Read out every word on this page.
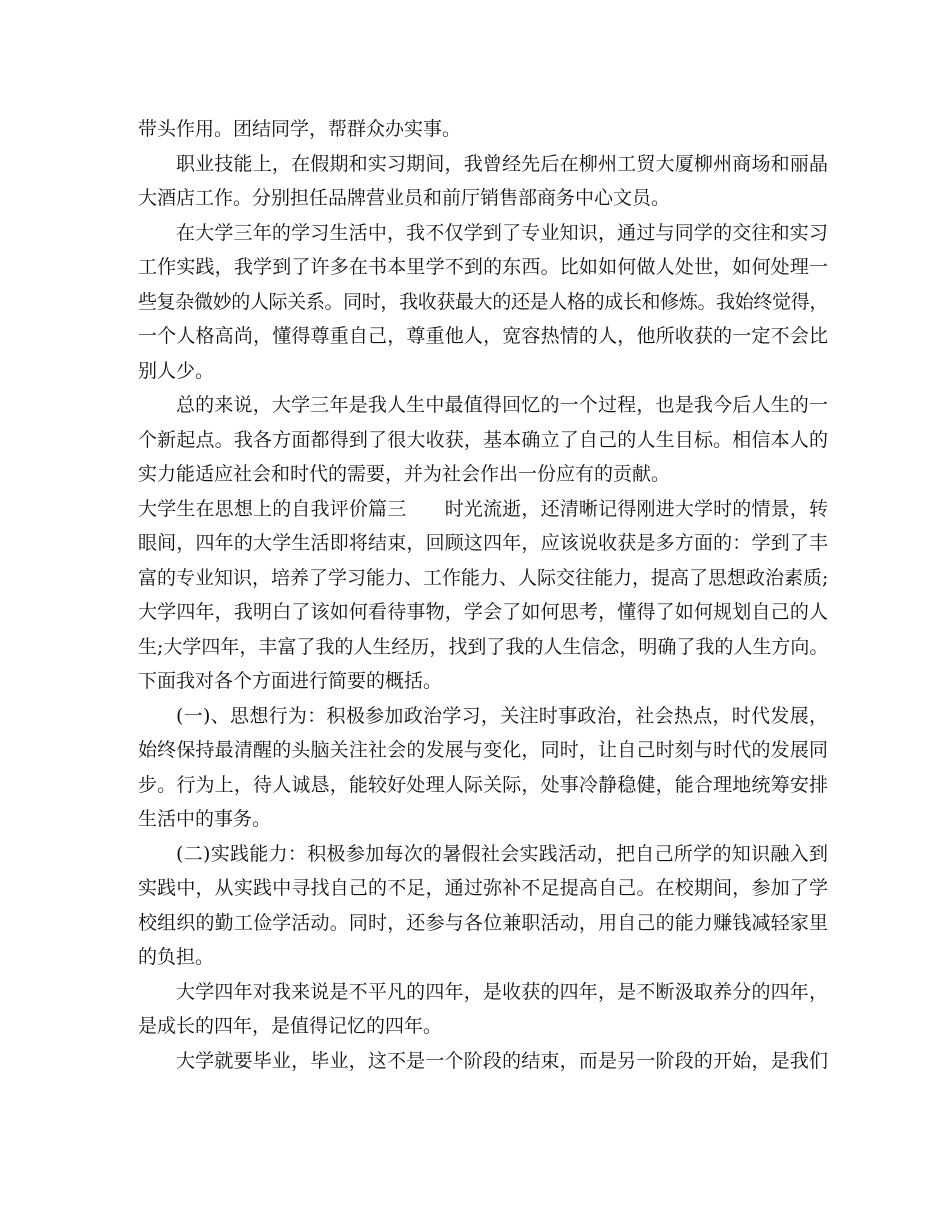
带头作用。团结同学，帮群众办实事。
职业技能上，在假期和实习期间，我曾经先后在柳州工贸大厦柳州商场和丽晶
大酒店工作。分别担任品牌营业员和前厅销售部商务中心文员。
在大学三年的学习生活中，我不仅学到了专业知识，通过与同学的交往和实习
工作实践，我学到了许多在书本里学不到的东西。比如如何做人处世，如何处理一
些复杂微妙的人际关系。同时，我收获最大的还是人格的成长和修炼。我始终觉得，
一个人格高尚，懂得尊重自己，尊重他人，宽容热情的人，他所收获的一定不会比
别人少。
总的来说，大学三年是我人生中最值得回忆的一个过程，也是我今后人生的一
个新起点。我各方面都得到了很大收获，基本确立了自己的人生目标。相信本人的
实力能适应社会和时代的需要，并为社会作出一份应有的贡献。
大学生在思想上的自我评价篇三　　时光流逝，还清晰记得刚进大学时的情景，转
眼间，四年的大学生活即将结束，回顾这四年，应该说收获是多方面的：学到了丰
富的专业知识，培养了学习能力、工作能力、人际交往能力，提高了思想政治素质;
大学四年，我明白了该如何看待事物，学会了如何思考，懂得了如何规划自己的人
生;大学四年，丰富了我的人生经历，找到了我的人生信念，明确了我的人生方向。
下面我对各个方面进行简要的概括。
(一)、思想行为：积极参加政治学习，关注时事政治，社会热点，时代发展，
始终保持最清醒的头脑关注社会的发展与变化，同时，让自己时刻与时代的发展同
步。行为上，待人诚恳，能较好处理人际关际，处事冷静稳健，能合理地统筹安排
生活中的事务。
(二)实践能力：积极参加每次的暑假社会实践活动，把自己所学的知识融入到
实践中，从实践中寻找自己的不足，通过弥补不足提高自己。在校期间，参加了学
校组织的勤工俭学活动。同时，还参与各位兼职活动，用自己的能力赚钱减轻家里
的负担。
大学四年对我来说是不平凡的四年，是收获的四年，是不断汲取养分的四年，
是成长的四年，是值得记忆的四年。
大学就要毕业，毕业，这不是一个阶段的结束，而是另一阶段的开始，是我们
